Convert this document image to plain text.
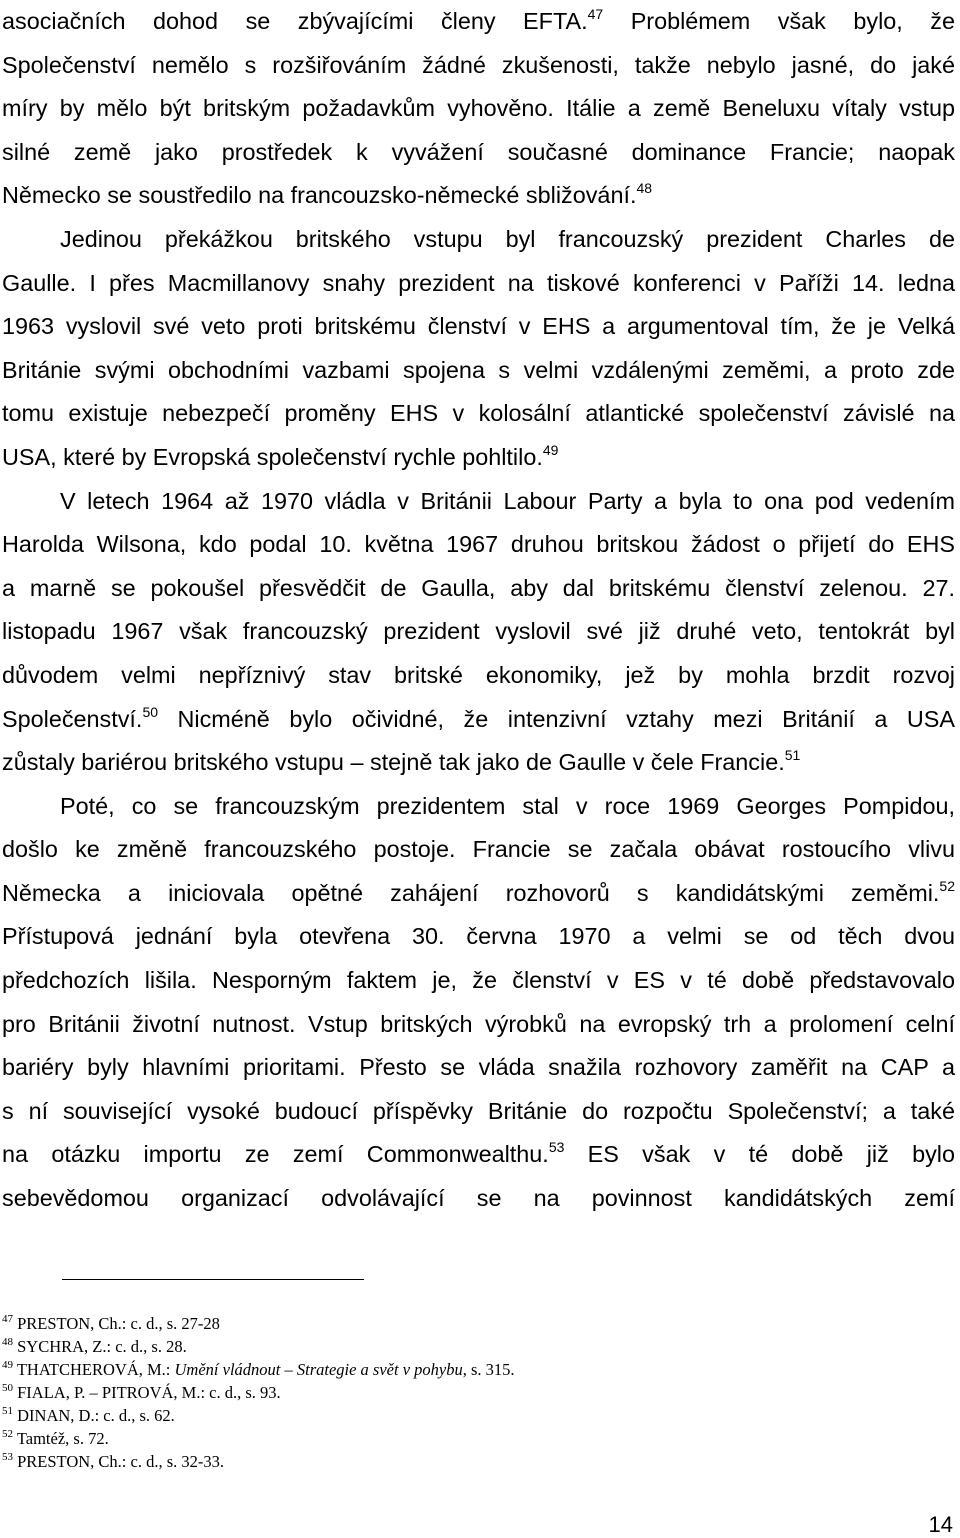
asociačních dohod se zbývajícími členy EFTA.$^{47}$ Problémem však bylo, že
Společenství nemělo s rozšiřováním žádné zkušenosti, takže nebylo jasné, do jaké
míry by mělo být britským požadavkům vyhověno. Itálie a země Beneluxu vítaly vstup
silné země jako prostředek k vyvážení současné dominance Francie; naopak
Německo se soustředilo na francouzsko-německé sbližování.$^{48}$
Jedinou překážkou britského vstupu byl francouzský prezident Charles de
Gaulle. I přes Macmillanovy snahy prezident na tiskové konferenci v Paříži 14. ledna
1963 vyslovil své veto proti britskému členství v EHS a argumentoval tím, že je Velká
Británie svými obchodními vazbami spojena s velmi vzdálenými zeměmi, a proto zde
tomu existuje nebezpečí proměny EHS v kolosální atlantické společenství závislé na
USA, které by Evropská společenství rychle pohltilo.$^{49}$
V letech 1964 až 1970 vládla v Británii Labour Party a byla to ona pod vedením
Harolda Wilsona, kdo podal 10. května 1967 druhou britskou žádost o přijetí do EHS
a marně se pokoušel přesvědčit de Gaulla, aby dal britskému členství zelenou. 27.
listopadu 1967 však francouzský prezident vyslovil své již druhé veto, tentokrát byl
důvodem velmi nepříznivý stav britské ekonomiky, jež by mohla brzdit rozvoj
Společenství.$^{50}$ Nicméně bylo očividné, že intenzivní vztahy mezi Británií a USA
zůstaly bariérou britského vstupu – stejně tak jako de Gaulle v čele Francie.$^{51}$
Poté, co se francouzským prezidentem stal v roce 1969 Georges Pompidou,
došlo ke změně francouzského postoje. Francie se začala obávat rostoucího vlivu
Německa a iniciovala opětné zahájení rozhovorů s kandidátskými zeměmi.$^{52}$
Přístupová jednání byla otevřena 30. června 1970 a velmi se od těch dvou
předchozích lišila. Nesporným faktem je, že členství v ES v té době představovalo
pro Británii životní nutnost. Vstup britských výrobků na evropský trh a prolomení celní
bariéry byly hlavními prioritami. Přesto se vláda snažila rozhovory zaměřit na CAP a
s ní související vysoké budoucí příspěvky Británie do rozpočtu Společenství; a také
na otázku importu ze zemí Commonwealthu.$^{53}$ ES však v té době již bylo
sebevědomou organizací odvolávající se na povinnost kandidátských zemí
$^{47}$ PRESTON, Ch.: c. d., s. 27-28
$^{48}$ SYCHRA, Z.: c. d., s. 28.
$^{49}$ THATCHEROVÁ, M.: Umění vládnout – Strategie a svět v pohybu, s. 315.
$^{50}$ FIALA, P. – PITROVÁ, M.: c. d., s. 93.
$^{51}$ DINAN, D.: c. d., s. 62.
$^{52}$ Tamtéž, s. 72.
$^{53}$ PRESTON, Ch.: c. d., s. 32-33.
14
